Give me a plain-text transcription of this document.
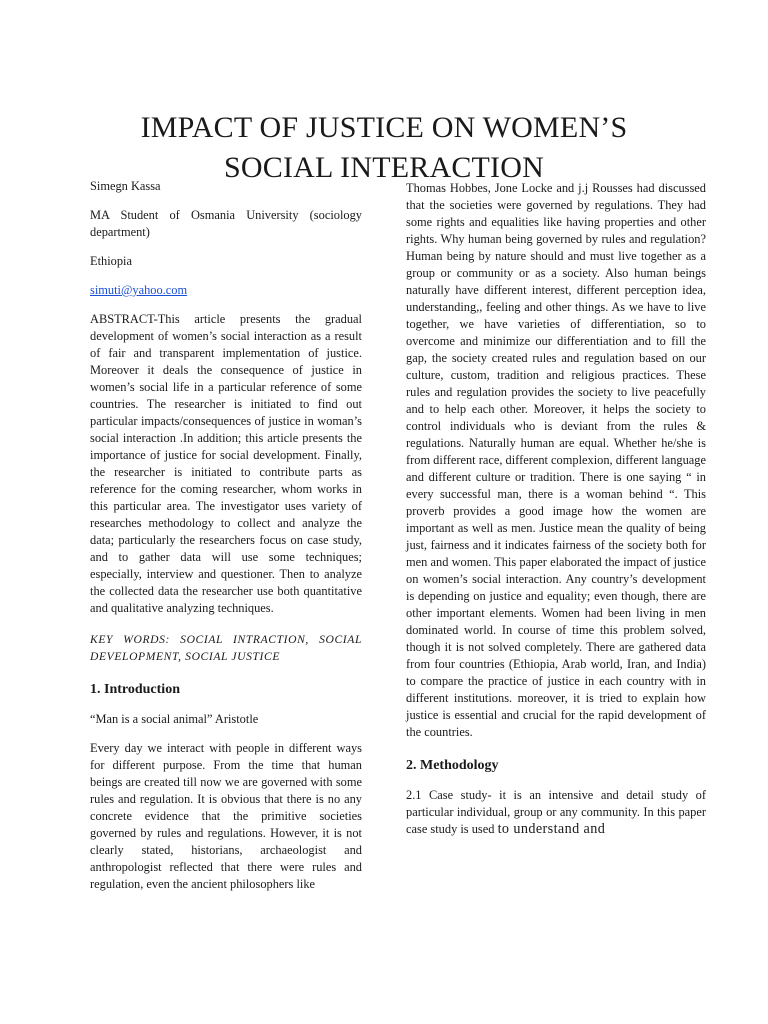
IMPACT OF JUSTICE ON WOMEN’S
SOCIAL INTERACTION

Simegn Kassa

MA Student of Osmania University (sociology department)

Ethiopia

simuti@yahoo.com

ABSTRACT-This article presents the gradual development of women’s social interaction as a result of fair and transparent implementation of justice. Moreover it deals the consequence of justice in women’s social life in a particular reference of some countries. The researcher is initiated to find out particular impacts/consequences of justice in woman’s social interaction .In addition; this article presents the importance of justice for social development. Finally, the researcher is initiated to contribute parts as reference for the coming researcher, whom works in this particular area. The investigator uses variety of researches methodology to collect and analyze the data; particularly the researchers focus on case study, and to gather data will use some techniques; especially, interview and questioner. Then to analyze the collected data the researcher use both quantitative and qualitative analyzing techniques.

KEY WORDS: SOCIAL INTRACTION, SOCIAL DEVELOPMENT, SOCIAL JUSTICE

1. Introduction

“Man is a social animal” Aristotle

Every day we interact with people in different ways for different purpose. From the time that human beings are created till now we are governed with some rules and regulation. It is obvious that there is no any concrete evidence that the primitive societies governed by rules and regulations. However, it is not clearly stated, historians, archaeologist and anthropologist reflected that there were rules and regulation, even the ancient philosophers like

Thomas Hobbes, Jone Locke and j.j Rousses had discussed that the societies were governed by regulations. They had some rights and equalities like having properties and other rights. Why human being governed by rules and regulation? Human being by nature should and must live together as a group or community or as a society. Also human beings naturally have different interest, different perception idea, understanding,, feeling and other things. As we have to live together, we have varieties of differentiation, so to overcome and minimize our differentiation and to fill the gap, the society created rules and regulation based on our culture, custom, tradition and religious practices. These rules and regulation provides the society to live peacefully and to help each other. Moreover, it helps the society to control individuals who is deviant from the rules & regulations. Naturally human are equal. Whether he/she is from different race, different complexion, different language and different culture or tradition. There is one saying “ in every successful man, there is a woman behind “. This proverb provides a good image how the women are important as well as men. Justice mean the quality of being just, fairness and it indicates fairness of the society both for men and women. This paper elaborated the impact of justice on women’s social interaction. Any country’s development is depending on justice and equality; even though, there are other important elements. Women had been living in men dominated world. In course of time this problem solved, though it is not solved completely. There are gathered data from four countries (Ethiopia, Arab world, Iran, and India) to compare the practice of justice in each country with in different institutions. moreover, it is tried to explain how justice is essential and crucial for the rapid development of the countries.

2. Methodology

2.1 Case study- it is an intensive and detail study of particular individual, group or any community. In this paper case study is used to understand and
